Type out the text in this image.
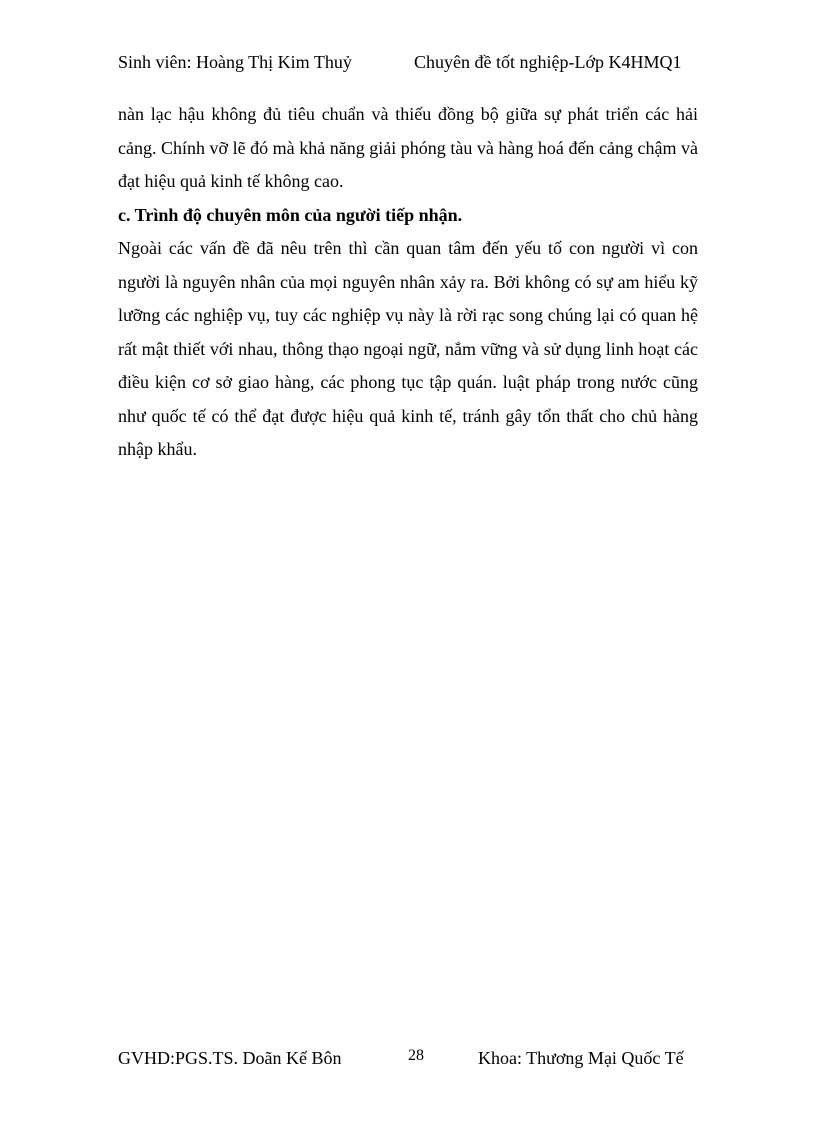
Sinh viên: Hoàng Thị Kim Thuỷ	Chuyên đề tốt nghiệp-Lớp K4HMQ1

nàn lạc hậu không đủ tiêu chuẩn và thiếu đồng bộ giữa sự phát triển các hải cảng. Chính vỡ lẽ đó mà khả năng giải phóng tàu và hàng hoá đến cảng chậm và đạt hiệu quả kinh tế không cao.

c. Trình độ chuyên môn của người tiếp nhận.

Ngoài các vấn đề đã nêu trên thì cần quan tâm đến yếu tố con người vì con người là nguyên nhân của mọi nguyên nhân xảy ra. Bởi không có sự am hiểu kỹ lưỡng các nghiệp vụ, tuy các nghiệp vụ này là rời rạc song chúng lại có quan hệ rất mật thiết với nhau, thông thạo ngoại ngữ, nắm vững và sử dụng linh hoạt các điều kiện cơ sở giao hàng, các phong tục tập quán. luật pháp trong nước cũng như quốc tế có thể đạt được hiệu quả kinh tế, tránh gây tổn thất cho chủ hàng nhập khẩu.

GVHD:PGS.TS. Doãn Kế Bôn	28	Khoa: Thương Mại Quốc Tế
